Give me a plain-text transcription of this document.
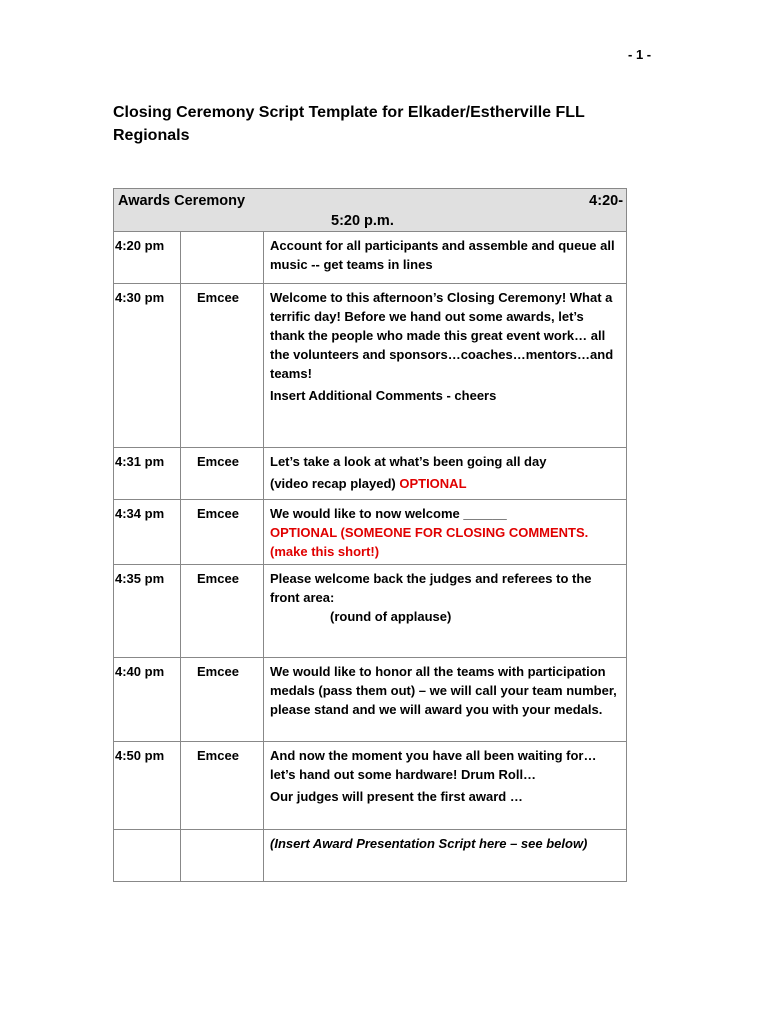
- 1 -
Closing Ceremony Script Template for Elkader/Estherville FLL Regionals
Awards Ceremony 4:20-
5:20 p.m.		

4:20 pm		Account for all participants and assemble and queue all music -- get teams in lines

4:30 pm	Emcee	Welcome to this afternoon’s Closing Ceremony! What a terrific day! Before we hand out some awards, let’s thank the people who made this great event work… all the volunteers and sponsors…coaches…mentors…and teams!
Insert Additional Comments - cheers

4:31 pm	Emcee	Let’s take a look at what’s been going all day
(video recap played) OPTIONAL

4:34 pm	Emcee	We would like to now welcome ______
OPTIONAL (SOMEONE FOR CLOSING COMMENTS. (make this short!)

4:35 pm	Emcee	Please welcome back the judges and referees to the front area:
(round of applause)

4:40 pm	Emcee	We would like to honor all the teams with participation medals (pass them out) – we will call your team number, please stand and we will award you with your medals.

4:50 pm	Emcee	And now the moment you have all been waiting for… let’s hand out some hardware! Drum Roll…
Our judges will present the first award …

		(Insert Award Presentation Script here – see below)
